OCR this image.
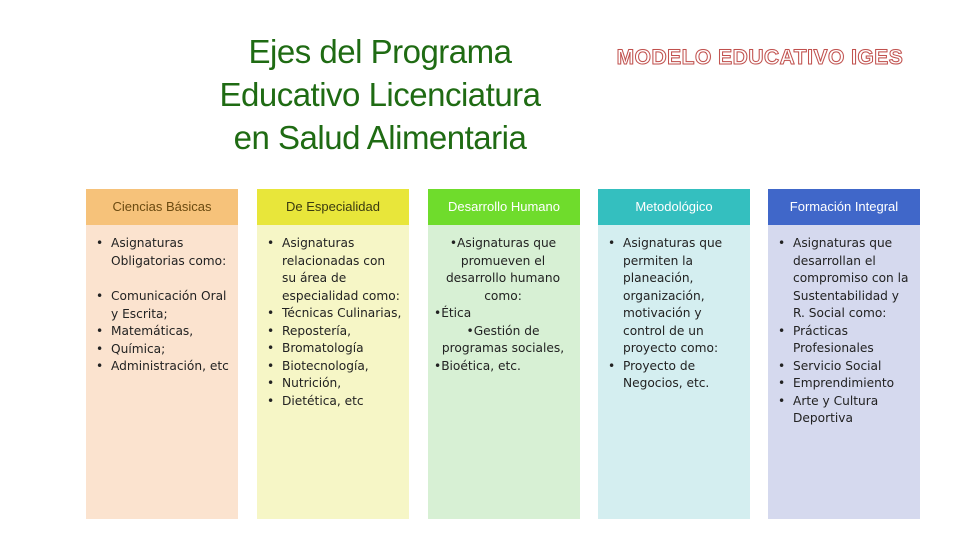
Ejes del Programa
Educativo Licenciatura
en Salud Alimentaria
MODELO EDUCATIVO IGES
Ciencias Básicas
• Asignaturas Obligatorias como:
• Comunicación Oral y Escrita;
• Matemáticas,
• Química;
• Administración, etc
De Especialidad
• Asignaturas relacionadas con su área de especialidad como:
• Técnicas Culinarias,
• Repostería,
• Bromatología
• Biotecnología,
• Nutrición,
• Dietética, etc
Desarrollo Humano

•Asignaturas que promueven el desarrollo humano como:

•Ética

•Gestión de programas sociales,

•Bioética, etc.

Metodológico
• Asignaturas que permiten la planeación, organización, motivación y control de un proyecto como:
• Proyecto de Negocios, etc.
Formación Integral
• Asignaturas que desarrollan el compromiso con la Sustentabilidad y R. Social como:
• Prácticas Profesionales
• Servicio Social
• Emprendimiento
• Arte y Cultura Deportiva
